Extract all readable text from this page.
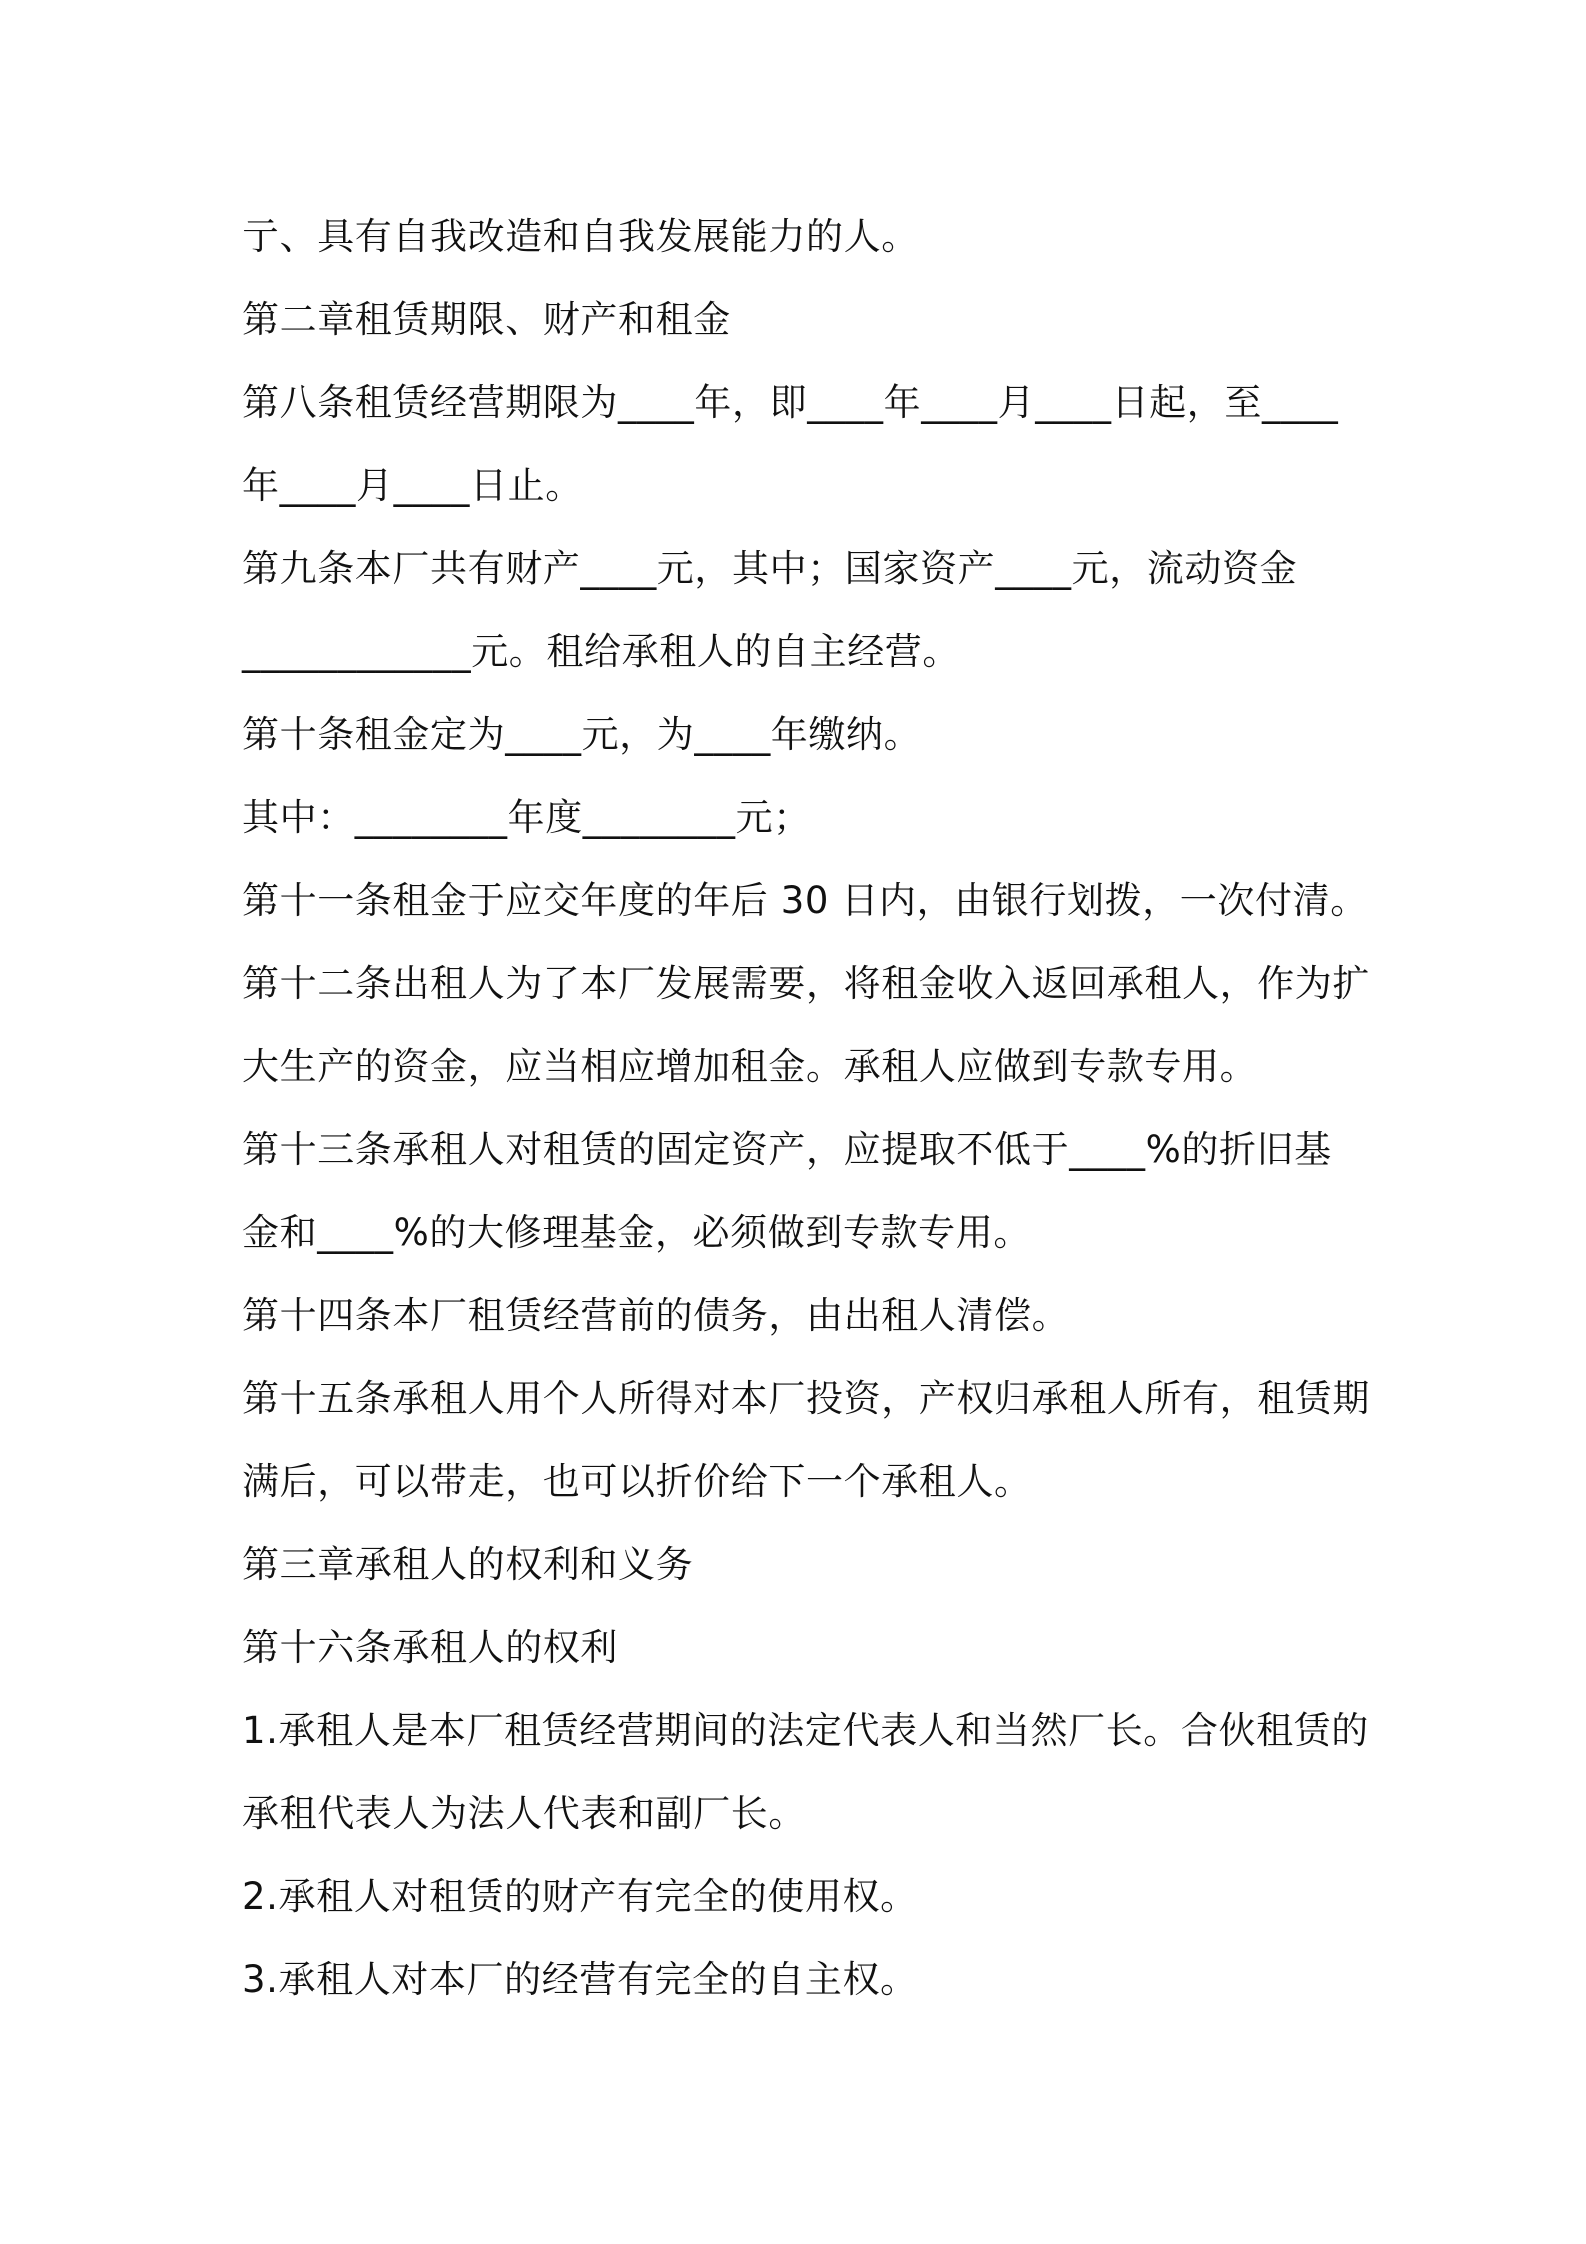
亍、具有自我改造和自我发展能力的人。
第二章租赁期限、财产和租金
第八条租赁经营期限为____年，即____年____月____日起，至____
年____月____日止。
第九条本厂共有财产____元，其中；国家资产____元，流动资金
____________元。租给承租人的自主经营。
第十条租金定为____元，为____年缴纳。
其中：________年度________元；
第十一条租金于应交年度的年后 30 日内，由银行划拨，一次付清。
第十二条出租人为了本厂发展需要，将租金收入返回承租人，作为扩
大生产的资金，应当相应增加租金。承租人应做到专款专用。
第十三条承租人对租赁的固定资产，应提取不低于____%的折旧基
金和____%的大修理基金，必须做到专款专用。
第十四条本厂租赁经营前的债务，由出租人清偿。
第十五条承租人用个人所得对本厂投资，产权归承租人所有，租赁期
满后，可以带走，也可以折价给下一个承租人。
第三章承租人的权利和义务
第十六条承租人的权利
1.承租人是本厂租赁经营期间的法定代表人和当然厂长。合伙租赁的
承租代表人为法人代表和副厂长。
2.承租人对租赁的财产有完全的使用权。
3.承租人对本厂的经营有完全的自主权。
